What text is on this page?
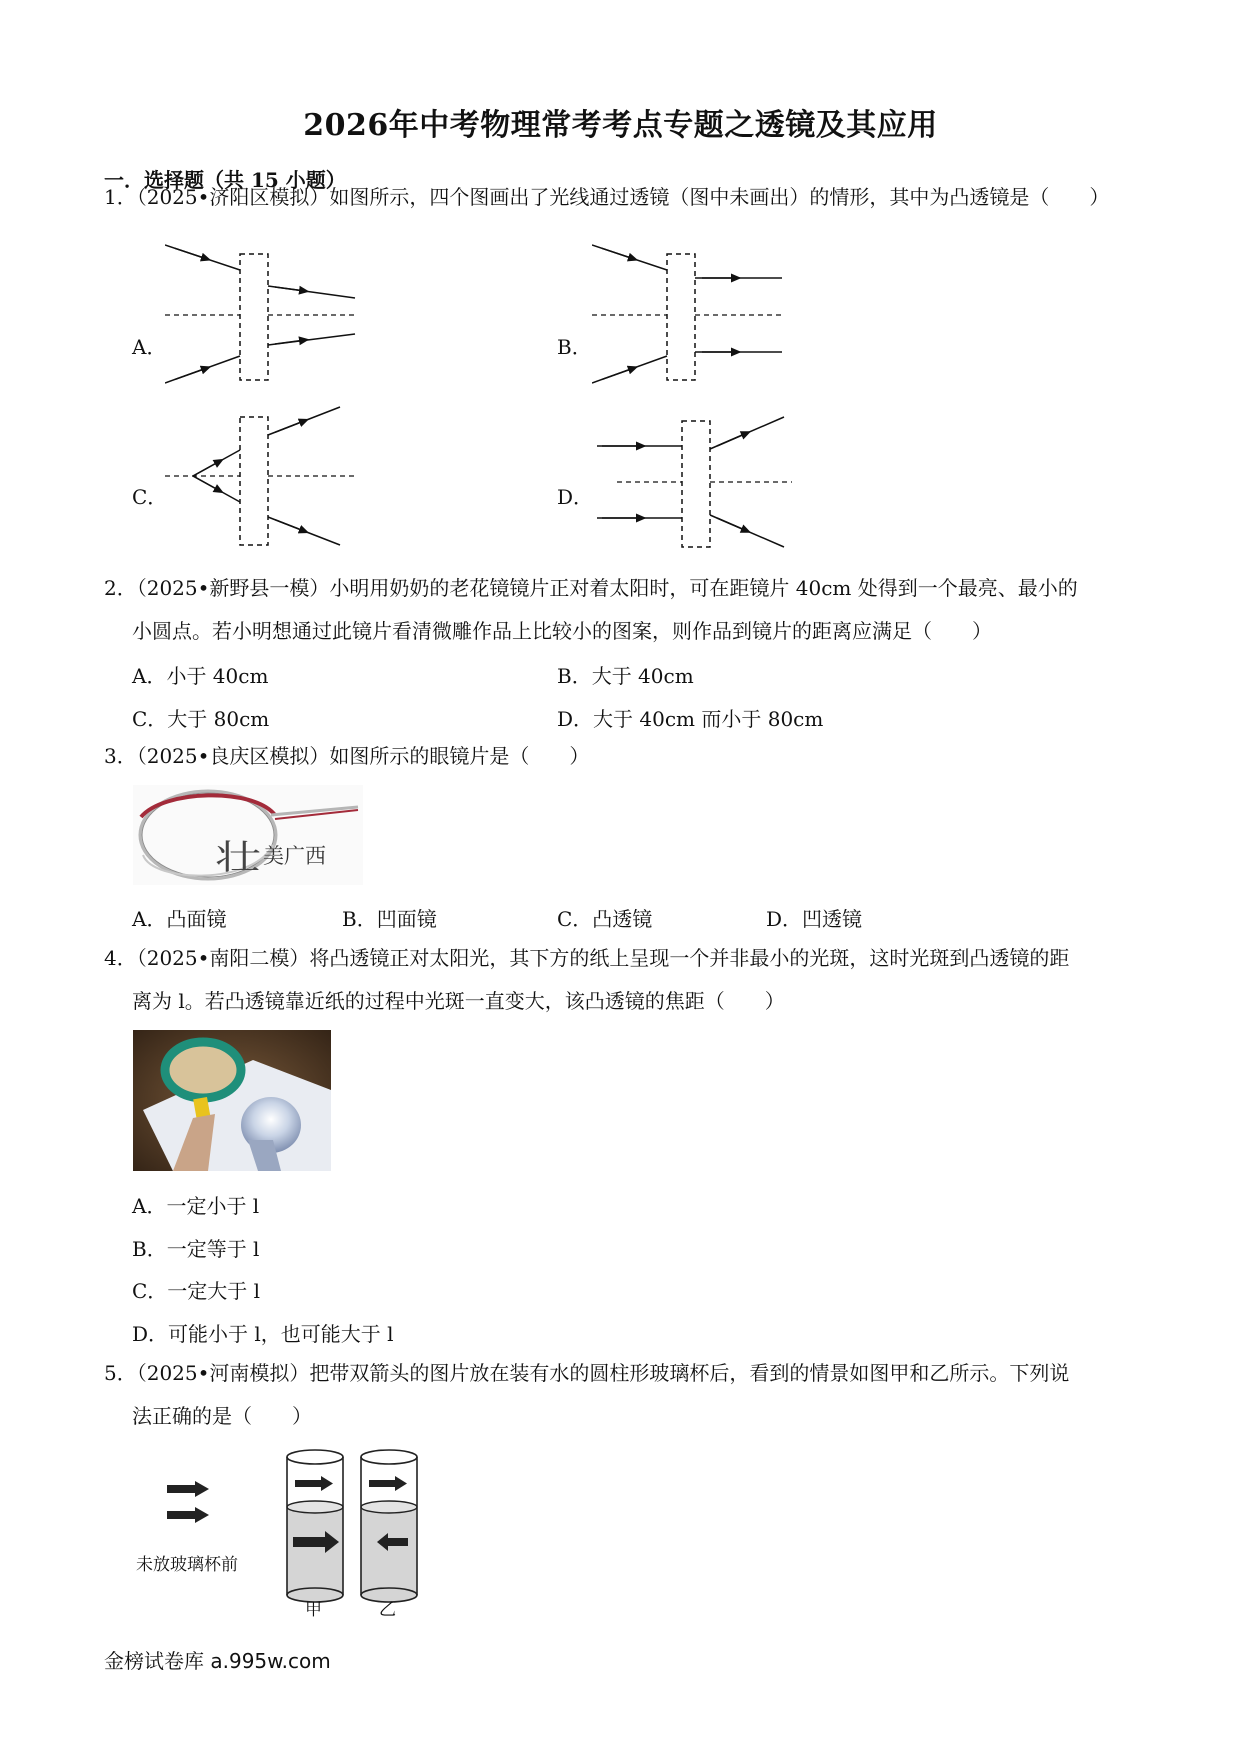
2026年中考物理常考考点专题之透镜及其应用
一．选择题（共 15 小题）
1．（2025•济阳区模拟）如图所示，四个图画出了光线通过透镜（图中未画出）的情形，其中为凸透镜是（　　）
A．	B．
C．	D．
2．（2025•新野县一模）小明用奶奶的老花镜镜片正对着太阳时，可在距镜片 40cm 处得到一个最亮、最小的
小圆点。若小明想通过此镜片看清微雕作品上比较小的图案，则作品到镜片的距离应满足（　　）
A．小于 40cm	B．大于 40cm
C．大于 80cm	D．大于 40cm 而小于 80cm
3．（2025•良庆区模拟）如图所示的眼镜片是（　　）
壮 美广西
A．凸面镜	B．凹面镜	C．凸透镜	D．凹透镜
4．（2025•南阳二模）将凸透镜正对太阳光，其下方的纸上呈现一个并非最小的光斑，这时光斑到凸透镜的距
离为 l。若凸透镜靠近纸的过程中光斑一直变大，该凸透镜的焦距（　　）
A．一定小于 l
B．一定等于 l
C．一定大于 l
D．可能小于 l，也可能大于 l
5．（2025•河南模拟）把带双箭头的图片放在装有水的圆柱形玻璃杯后，看到的情景如图甲和乙所示。下列说
法正确的是（　　）
未放玻璃杯前
甲	乙
金榜试卷库 a.995w.com
